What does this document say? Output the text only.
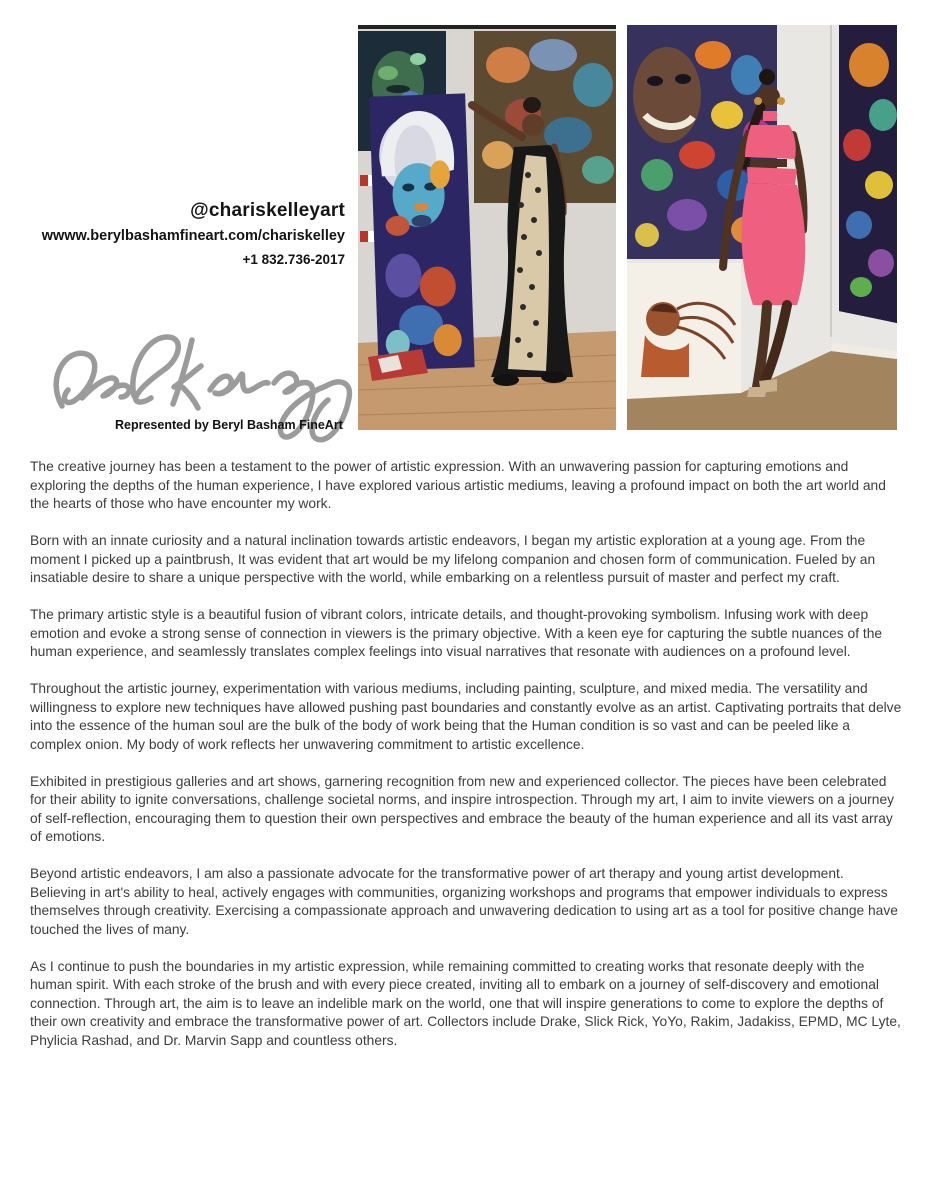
@chariskelleyart
wwww.berylbashamfineart.com/chariskelley
+1 832.736-2017
Represented by Beryl Basham FineArt

The creative journey has been a testament to the power of artistic expression. With an unwavering passion for capturing emotions and exploring the depths of the human experience, I have explored various artistic mediums, leaving a profound impact on both the art world and the hearts of those who have encounter my work.

Born with an innate curiosity and a natural inclination towards artistic endeavors, I began my artistic exploration at a young age. From the moment I picked up a paintbrush, It was evident that art would be my lifelong companion and chosen form of communication. Fueled by an insatiable desire to share a unique perspective with the world, while embarking on a relentless pursuit of master and perfect my craft.

The primary artistic style is a beautiful fusion of vibrant colors, intricate details, and thought-provoking symbolism. Infusing work with deep emotion and evoke a strong sense of connection in viewers is the primary objective. With a keen eye for capturing the subtle nuances of the human experience, and seamlessly translates complex feelings into visual narratives that resonate with audiences on a profound level.

Throughout the artistic journey, experimentation with various mediums, including painting, sculpture, and mixed media. The versatility and willingness to explore new techniques have allowed pushing past boundaries and constantly evolve as an artist. Captivating portraits that delve into the essence of the human soul are the bulk of the body of work being that the Human condition is so vast and can be peeled like a complex onion. My body of work reflects her unwavering commitment to artistic excellence.

Exhibited in prestigious galleries and art shows, garnering recognition from new and experienced collector. The pieces have been celebrated for their ability to ignite conversations, challenge societal norms, and inspire introspection. Through my art, I aim to invite viewers on a journey of self-reflection, encouraging them to question their own perspectives and embrace the beauty of the human experience and all its vast array of emotions.

Beyond artistic endeavors, I am also a passionate advocate for the transformative power of art therapy and young artist development. Believing in art's ability to heal, actively engages with communities, organizing workshops and programs that empower individuals to express themselves through creativity. Exercising a compassionate approach and unwavering dedication to using art as a tool for positive change have touched the lives of many.

As I continue to push the boundaries in my artistic expression, while remaining committed to creating works that resonate deeply with the human spirit. With each stroke of the brush and with every piece created, inviting all to embark on a journey of self-discovery and emotional connection. Through art, the aim is to leave an indelible mark on the world, one that will inspire generations to come to explore the depths of their own creativity and embrace the transformative power of art. Collectors include Drake, Slick Rick, YoYo, Rakim, Jadakiss, EPMD, MC Lyte, Phylicia Rashad, and Dr. Marvin Sapp and countless others.
